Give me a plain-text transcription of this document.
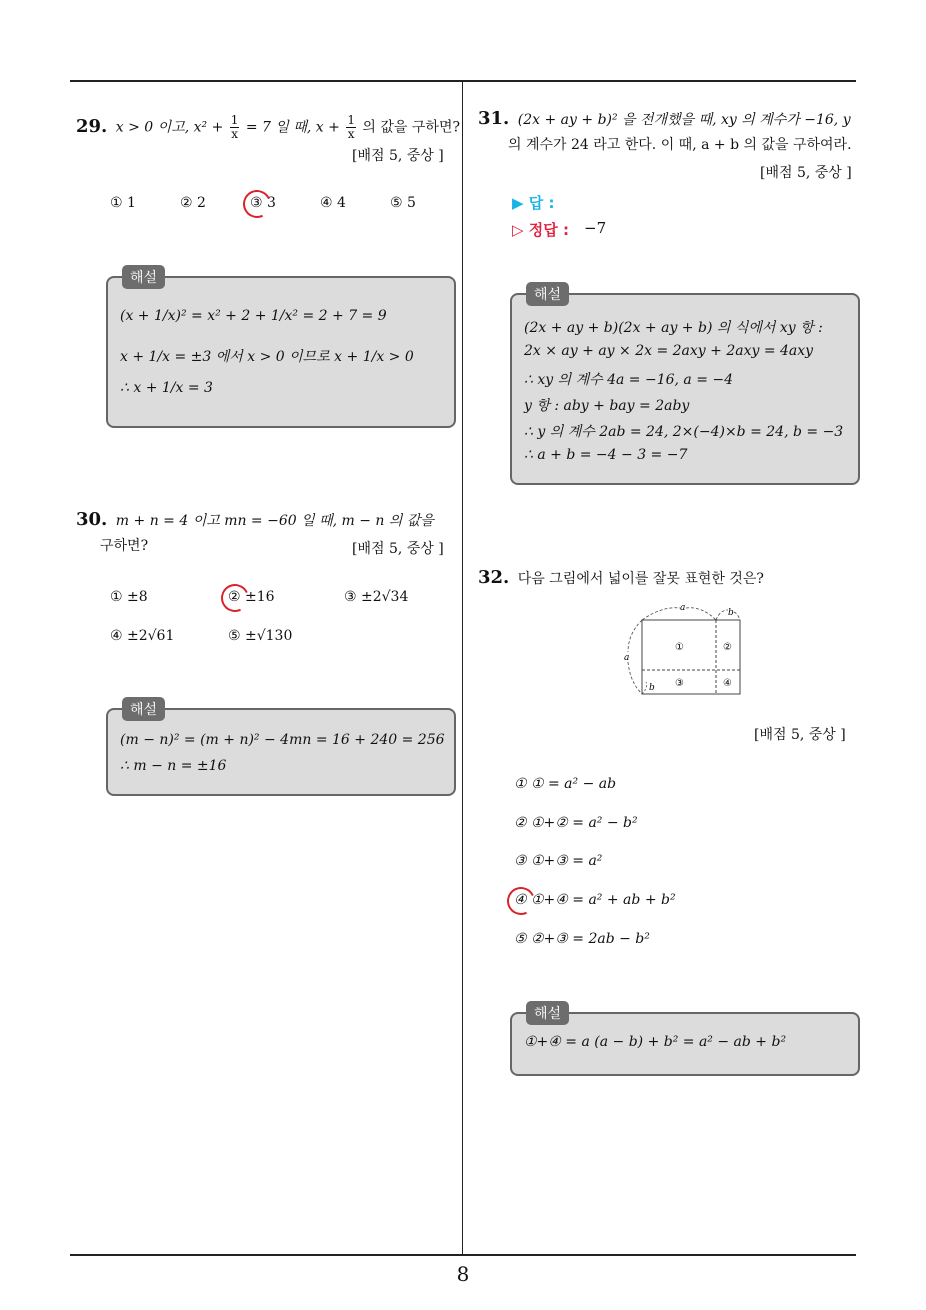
29. x > 0 이고, $x^2 + \frac{1}{x} = 7$ 일 때, $x + \frac{1}{x}$ 의 값을 구하면?
[배점 5, 중상 ]
① 1	② 2	③ 3	④ 4	⑤ 5
해설
(x + 1/x)² = x² + 2 + 1/x² = 2 + 7 = 9
x + 1/x = ±3 에서 x > 0 이므로 x + 1/x > 0
∴ x + 1/x = 3
30. m + n = 4 이고 mn = −60 일 때, m − n 의 값을
구하면?	[배점 5, 중상 ]
① ±8	② ±16	③ ±2√34
④ ±2√61	⑤ ±√130
해설
(m − n)² = (m + n)² − 4mn = 16 + 240 = 256
∴ m − n = ±16
31. (2x + ay + b)² 을 전개했을 때, xy 의 계수가 −16, y
의 계수가 24 라고 한다. 이 때, a + b 의 값을 구하여라.
[배점 5, 중상 ]
▶ 답 :
▷ 정답 : −7
해설
(2x + ay + b)(2x + ay + b) 의 식에서 xy 항 :
2x × ay + ay × 2x = 2axy + 2axy = 4axy
∴ xy 의 계수 4a = −16, a = −4
y 항 : aby + bay = 2aby
∴ y 의 계수 2ab = 24, 2×(−4)×b = 24, b = −3
∴ a + b = −4 − 3 = −7
32. 다음 그림에서 넓이를 잘못 표현한 것은?
a	b
a
b
①	②
③	④
[배점 5, 중상 ]
① ① = a² − ab
② ①+② = a² − b²
③ ①+③ = a²
④ ①+④ = a² + ab + b²
⑤ ②+③ = 2ab − b²
해설
①+④ = a (a − b) + b² = a² − ab + b²
8
